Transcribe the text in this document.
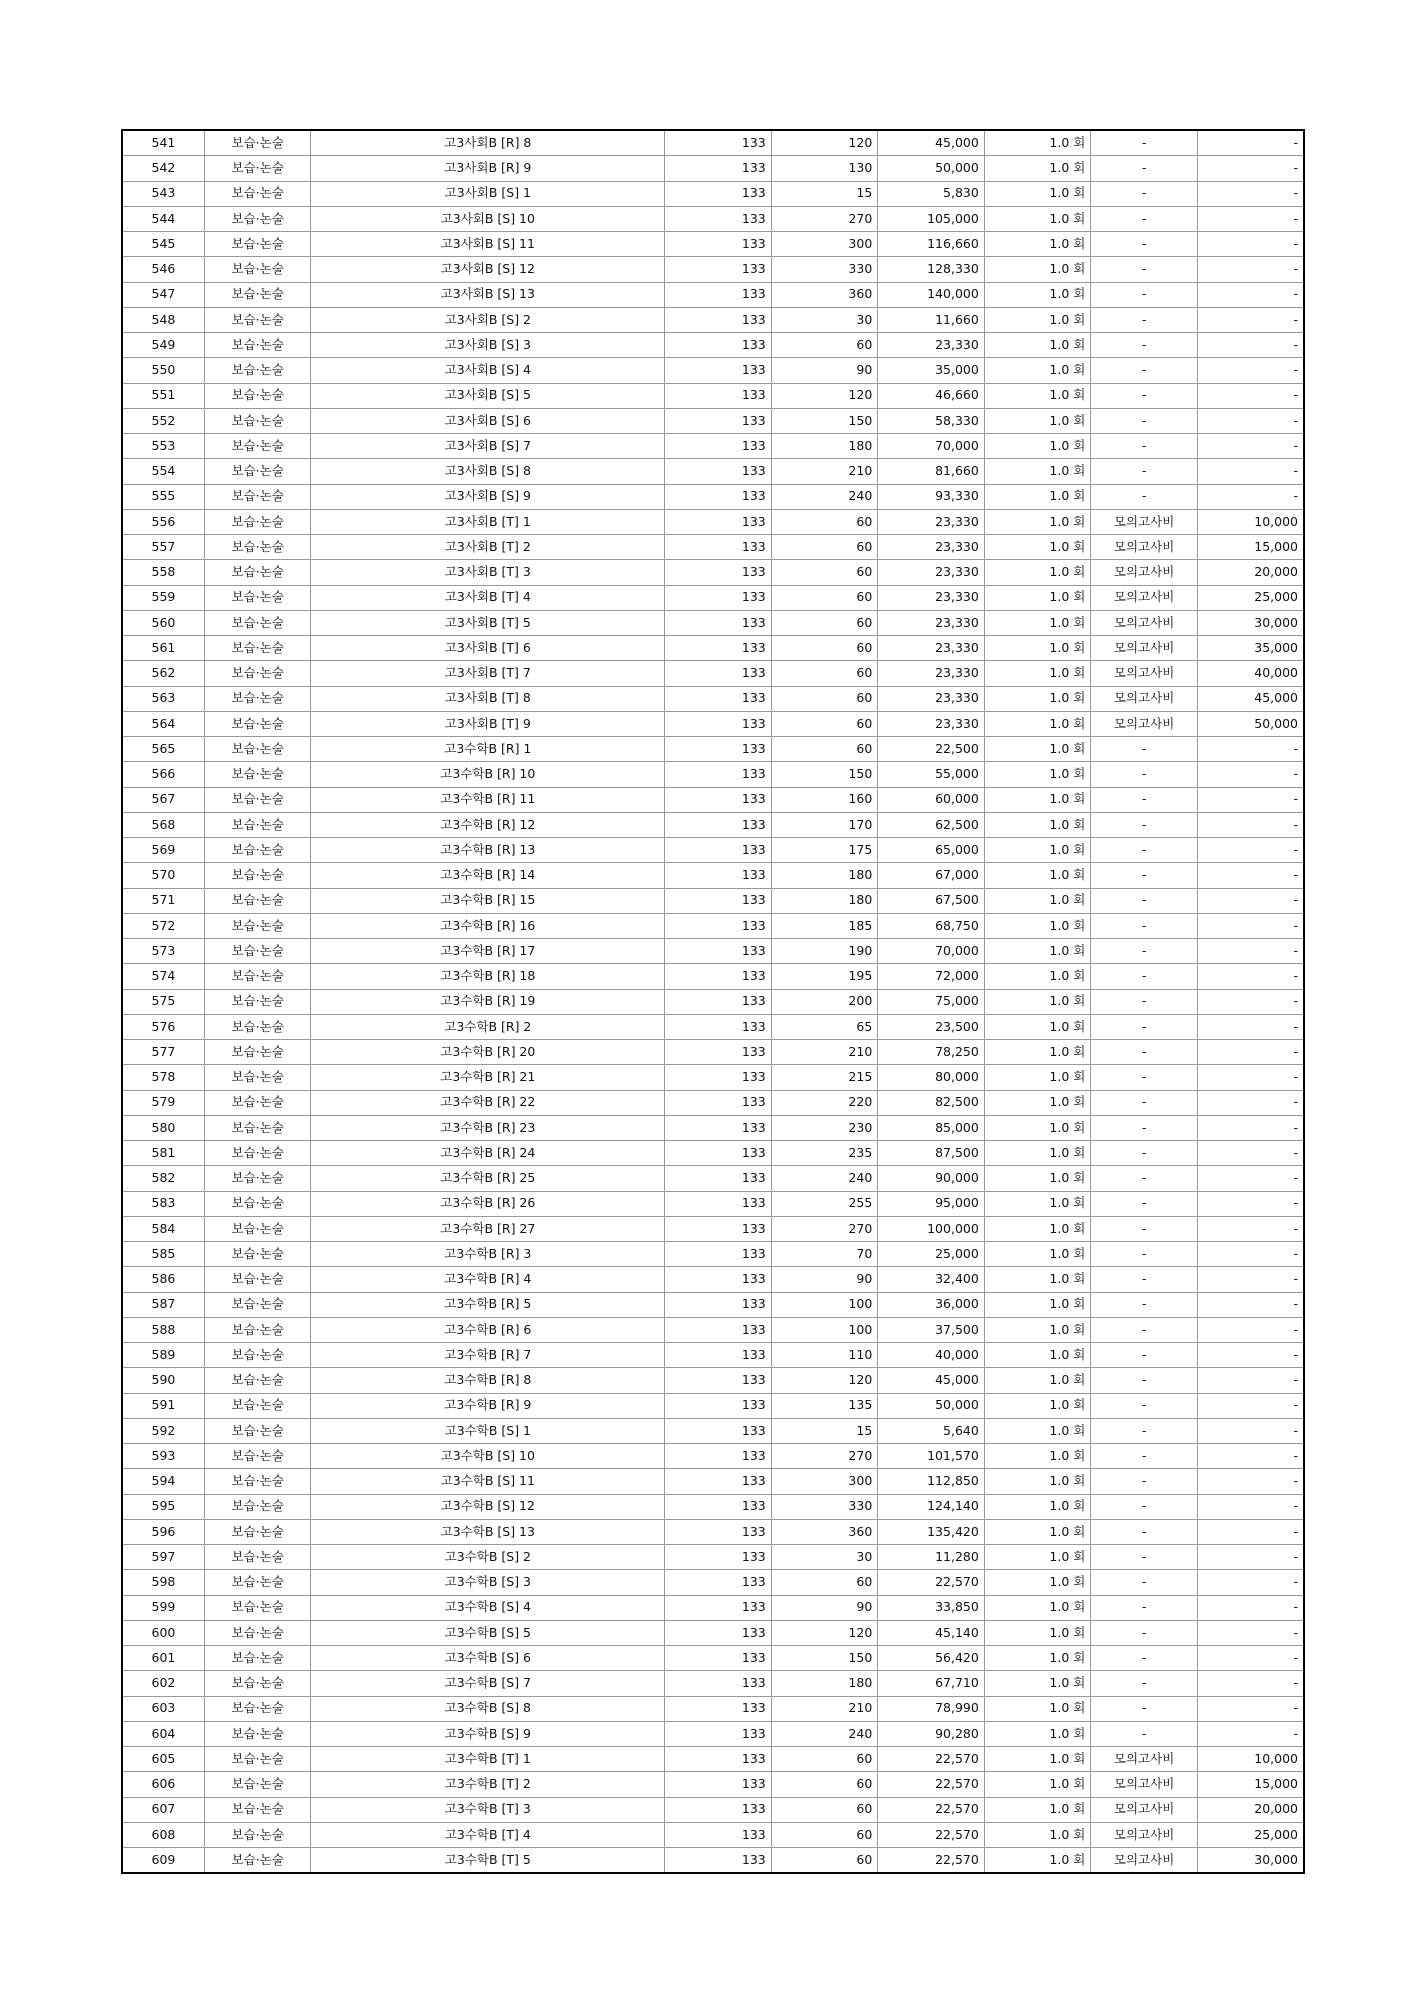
541	보습·논술	고3사회B [R] 8	133	120	45,000	1.0 회	-	-
542	보습·논술	고3사회B [R] 9	133	130	50,000	1.0 회	-	-
543	보습·논술	고3사회B [S] 1	133	15	5,830	1.0 회	-	-
544	보습·논술	고3사회B [S] 10	133	270	105,000	1.0 회	-	-
545	보습·논술	고3사회B [S] 11	133	300	116,660	1.0 회	-	-
546	보습·논술	고3사회B [S] 12	133	330	128,330	1.0 회	-	-
547	보습·논술	고3사회B [S] 13	133	360	140,000	1.0 회	-	-
548	보습·논술	고3사회B [S] 2	133	30	11,660	1.0 회	-	-
549	보습·논술	고3사회B [S] 3	133	60	23,330	1.0 회	-	-
550	보습·논술	고3사회B [S] 4	133	90	35,000	1.0 회	-	-
551	보습·논술	고3사회B [S] 5	133	120	46,660	1.0 회	-	-
552	보습·논술	고3사회B [S] 6	133	150	58,330	1.0 회	-	-
553	보습·논술	고3사회B [S] 7	133	180	70,000	1.0 회	-	-
554	보습·논술	고3사회B [S] 8	133	210	81,660	1.0 회	-	-
555	보습·논술	고3사회B [S] 9	133	240	93,330	1.0 회	-	-
556	보습·논술	고3사회B [T] 1	133	60	23,330	1.0 회	모의고사비	10,000
557	보습·논술	고3사회B [T] 2	133	60	23,330	1.0 회	모의고사비	15,000
558	보습·논술	고3사회B [T] 3	133	60	23,330	1.0 회	모의고사비	20,000
559	보습·논술	고3사회B [T] 4	133	60	23,330	1.0 회	모의고사비	25,000
560	보습·논술	고3사회B [T] 5	133	60	23,330	1.0 회	모의고사비	30,000
561	보습·논술	고3사회B [T] 6	133	60	23,330	1.0 회	모의고사비	35,000
562	보습·논술	고3사회B [T] 7	133	60	23,330	1.0 회	모의고사비	40,000
563	보습·논술	고3사회B [T] 8	133	60	23,330	1.0 회	모의고사비	45,000
564	보습·논술	고3사회B [T] 9	133	60	23,330	1.0 회	모의고사비	50,000
565	보습·논술	고3수학B [R] 1	133	60	22,500	1.0 회	-	-
566	보습·논술	고3수학B [R] 10	133	150	55,000	1.0 회	-	-
567	보습·논술	고3수학B [R] 11	133	160	60,000	1.0 회	-	-
568	보습·논술	고3수학B [R] 12	133	170	62,500	1.0 회	-	-
569	보습·논술	고3수학B [R] 13	133	175	65,000	1.0 회	-	-
570	보습·논술	고3수학B [R] 14	133	180	67,000	1.0 회	-	-
571	보습·논술	고3수학B [R] 15	133	180	67,500	1.0 회	-	-
572	보습·논술	고3수학B [R] 16	133	185	68,750	1.0 회	-	-
573	보습·논술	고3수학B [R] 17	133	190	70,000	1.0 회	-	-
574	보습·논술	고3수학B [R] 18	133	195	72,000	1.0 회	-	-
575	보습·논술	고3수학B [R] 19	133	200	75,000	1.0 회	-	-
576	보습·논술	고3수학B [R] 2	133	65	23,500	1.0 회	-	-
577	보습·논술	고3수학B [R] 20	133	210	78,250	1.0 회	-	-
578	보습·논술	고3수학B [R] 21	133	215	80,000	1.0 회	-	-
579	보습·논술	고3수학B [R] 22	133	220	82,500	1.0 회	-	-
580	보습·논술	고3수학B [R] 23	133	230	85,000	1.0 회	-	-
581	보습·논술	고3수학B [R] 24	133	235	87,500	1.0 회	-	-
582	보습·논술	고3수학B [R] 25	133	240	90,000	1.0 회	-	-
583	보습·논술	고3수학B [R] 26	133	255	95,000	1.0 회	-	-
584	보습·논술	고3수학B [R] 27	133	270	100,000	1.0 회	-	-
585	보습·논술	고3수학B [R] 3	133	70	25,000	1.0 회	-	-
586	보습·논술	고3수학B [R] 4	133	90	32,400	1.0 회	-	-
587	보습·논술	고3수학B [R] 5	133	100	36,000	1.0 회	-	-
588	보습·논술	고3수학B [R] 6	133	100	37,500	1.0 회	-	-
589	보습·논술	고3수학B [R] 7	133	110	40,000	1.0 회	-	-
590	보습·논술	고3수학B [R] 8	133	120	45,000	1.0 회	-	-
591	보습·논술	고3수학B [R] 9	133	135	50,000	1.0 회	-	-
592	보습·논술	고3수학B [S] 1	133	15	5,640	1.0 회	-	-
593	보습·논술	고3수학B [S] 10	133	270	101,570	1.0 회	-	-
594	보습·논술	고3수학B [S] 11	133	300	112,850	1.0 회	-	-
595	보습·논술	고3수학B [S] 12	133	330	124,140	1.0 회	-	-
596	보습·논술	고3수학B [S] 13	133	360	135,420	1.0 회	-	-
597	보습·논술	고3수학B [S] 2	133	30	11,280	1.0 회	-	-
598	보습·논술	고3수학B [S] 3	133	60	22,570	1.0 회	-	-
599	보습·논술	고3수학B [S] 4	133	90	33,850	1.0 회	-	-
600	보습·논술	고3수학B [S] 5	133	120	45,140	1.0 회	-	-
601	보습·논술	고3수학B [S] 6	133	150	56,420	1.0 회	-	-
602	보습·논술	고3수학B [S] 7	133	180	67,710	1.0 회	-	-
603	보습·논술	고3수학B [S] 8	133	210	78,990	1.0 회	-	-
604	보습·논술	고3수학B [S] 9	133	240	90,280	1.0 회	-	-
605	보습·논술	고3수학B [T] 1	133	60	22,570	1.0 회	모의고사비	10,000
606	보습·논술	고3수학B [T] 2	133	60	22,570	1.0 회	모의고사비	15,000
607	보습·논술	고3수학B [T] 3	133	60	22,570	1.0 회	모의고사비	20,000
608	보습·논술	고3수학B [T] 4	133	60	22,570	1.0 회	모의고사비	25,000
609	보습·논술	고3수학B [T] 5	133	60	22,570	1.0 회	모의고사비	30,000
